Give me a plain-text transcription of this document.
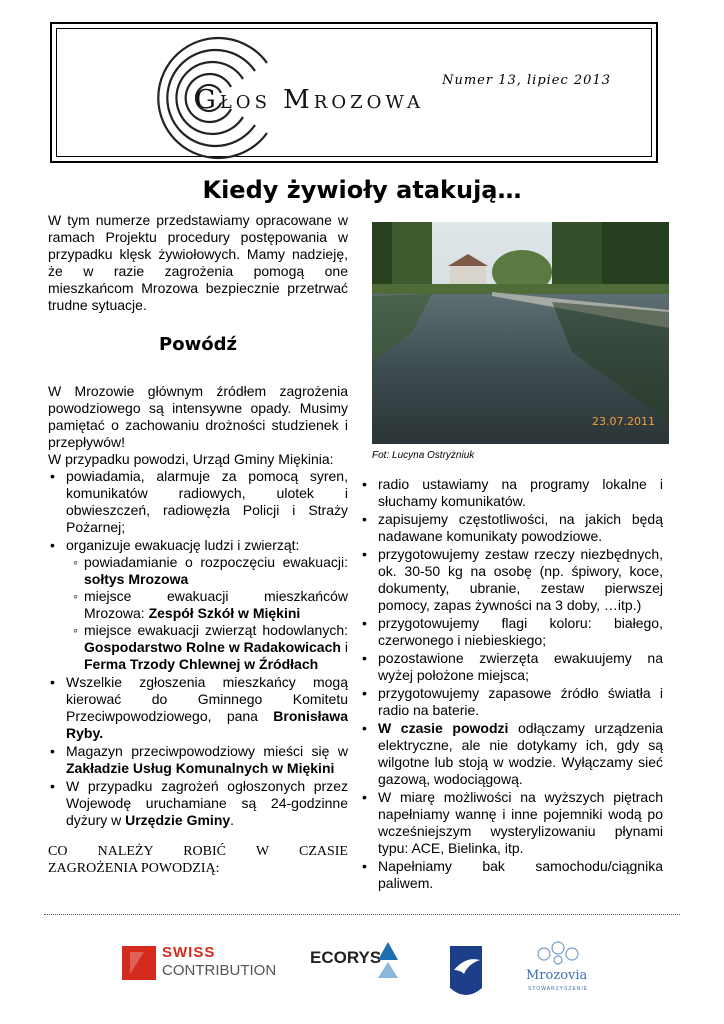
Głos Mrozowa
Numer 13, lipiec 2013
Kiedy żywioły atakują…

W tym numerze przedstawiamy opracowane w ramach Projektu procedury postępowania w przypadku klęsk żywiołowych. Mamy nadzieję, że w razie zagrożenia pomogą one mieszkańcom Mrozowa bezpiecznie przetrwać trudne sytuacje.

Powódź

W Mrozowie głównym źródłem zagrożenia powodziowego są intensywne opady. Musimy pamiętać o zachowaniu drożności studzienek i przepływów!

W przypadku powodzi, Urząd Gminy Miękinia:

• powiadamia, alarmuje za pomocą syren, komunikatów radiowych, ulotek i obwieszczeń, radiowęzła Policji i Straży Pożarnej;
• organizuje ewakuację ludzi i zwierząt:
◦ powiadamianie o rozpoczęciu ewakuacji: sołtys Mrozowa
◦ miejsce ewakuacji mieszkańców Mrozowa: Zespół Szkół w Miękini
◦ miejsce ewakuacji zwierząt hodowlanych: Gospodarstwo Rolne w Radakowicach i Ferma Trzody Chlewnej w Źródłach
• Wszelkie zgłoszenia mieszkańcy mogą kierować do Gminnego Komitetu Przeciwpowodziowego, pana Bronisława Ryby.
• Magazyn przeciwpowodziowy mieści się w Zakładzie Usług Komunalnych w Miękini
• W przypadku zagrożeń ogłoszonych przez Wojewodę uruchamiane są 24-godzinne dyżury w Urzędzie Gminy.
CO NALEŻY ROBIĆ W CZASIE
ZAGROŻENIA POWODZIĄ:
23.07.2011
Fot: Lucyna Ostryżniuk
• radio ustawiamy na programy lokalne i słuchamy komunikatów.
• zapisujemy częstotliwości, na jakich będą nadawane komunikaty powodziowe.
• przygotowujemy zestaw rzeczy niezbędnych, ok. 30-50 kg na osobę (np. śpiwory, koce, dokumenty, ubranie, zestaw pierwszej pomocy, zapas żywności na 3 doby, …itp.)
• przygotowujemy flagi koloru: białego, czerwonego i niebieskiego;
• pozostawione zwierzęta ewakuujemy na wyżej położone miejsca;
• przygotowujemy zapasowe źródło światła i radio na baterie.
• W czasie powodzi odłączamy urządzenia elektryczne, ale nie dotykamy ich, gdy są wilgotne lub stoją w wodzie. Wyłączamy sieć gazową, wodociągową.
• W miarę możliwości na wyższych piętrach napełniamy wannę i inne pojemniki wodą po wcześniejszym wysterylizowaniu płynami typu: ACE, Bielinka, itp.
• Napełniamy bak samochodu/ciągnika paliwem.
SWISS
CONTRIBUTION
ECORYS
Mrozovia
STOWARZYSZENIE
